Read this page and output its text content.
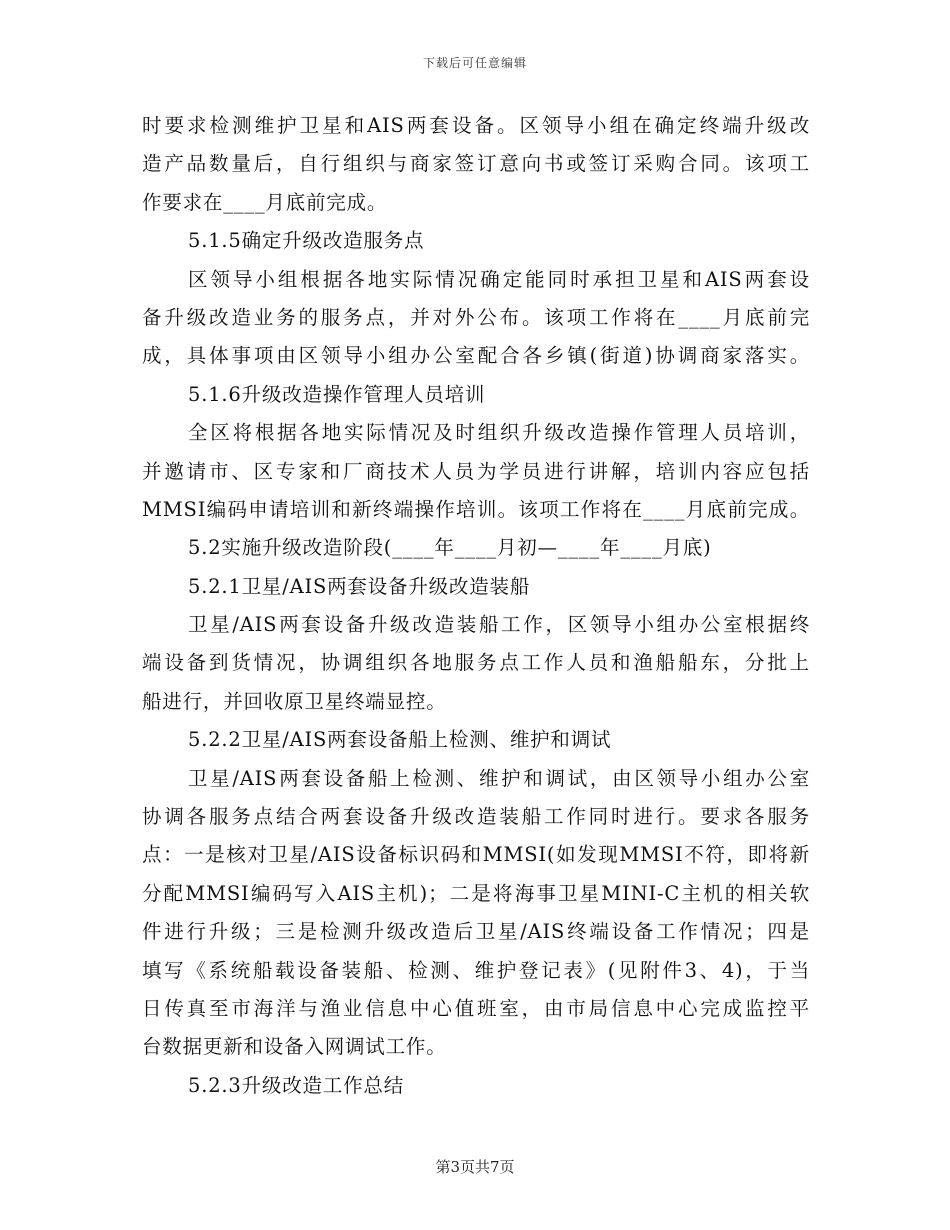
下载后可任意编辑
时要求检测维护卫星和AIS两套设备。区领导小组在确定终端升级改
造产品数量后，自行组织与商家签订意向书或签订采购合同。该项工
作要求在____月底前完成。
5.1.5确定升级改造服务点
区领导小组根据各地实际情况确定能同时承担卫星和AIS两套设
备升级改造业务的服务点，并对外公布。该项工作将在____月底前完
成，具体事项由区领导小组办公室配合各乡镇(街道)协调商家落实。
5.1.6升级改造操作管理人员培训
全区将根据各地实际情况及时组织升级改造操作管理人员培训，
并邀请市、区专家和厂商技术人员为学员进行讲解，培训内容应包括
MMSI编码申请培训和新终端操作培训。该项工作将在____月底前完成。
5.2实施升级改造阶段(____年____月初—____年____月底)
5.2.1卫星/AIS两套设备升级改造装船
卫星/AIS两套设备升级改造装船工作，区领导小组办公室根据终
端设备到货情况，协调组织各地服务点工作人员和渔船船东，分批上
船进行，并回收原卫星终端显控。
5.2.2卫星/AIS两套设备船上检测、维护和调试
卫星/AIS两套设备船上检测、维护和调试，由区领导小组办公室
协调各服务点结合两套设备升级改造装船工作同时进行。要求各服务
点：一是核对卫星/AIS设备标识码和MMSI(如发现MMSI不符，即将新
分配MMSI编码写入AIS主机)；二是将海事卫星MINI-C主机的相关软
件进行升级；三是检测升级改造后卫星/AIS终端设备工作情况；四是
填写《系统船载设备装船、检测、维护登记表》(见附件3、4)，于当
日传真至市海洋与渔业信息中心值班室，由市局信息中心完成监控平
台数据更新和设备入网调试工作。
5.2.3升级改造工作总结
第3页共7页
